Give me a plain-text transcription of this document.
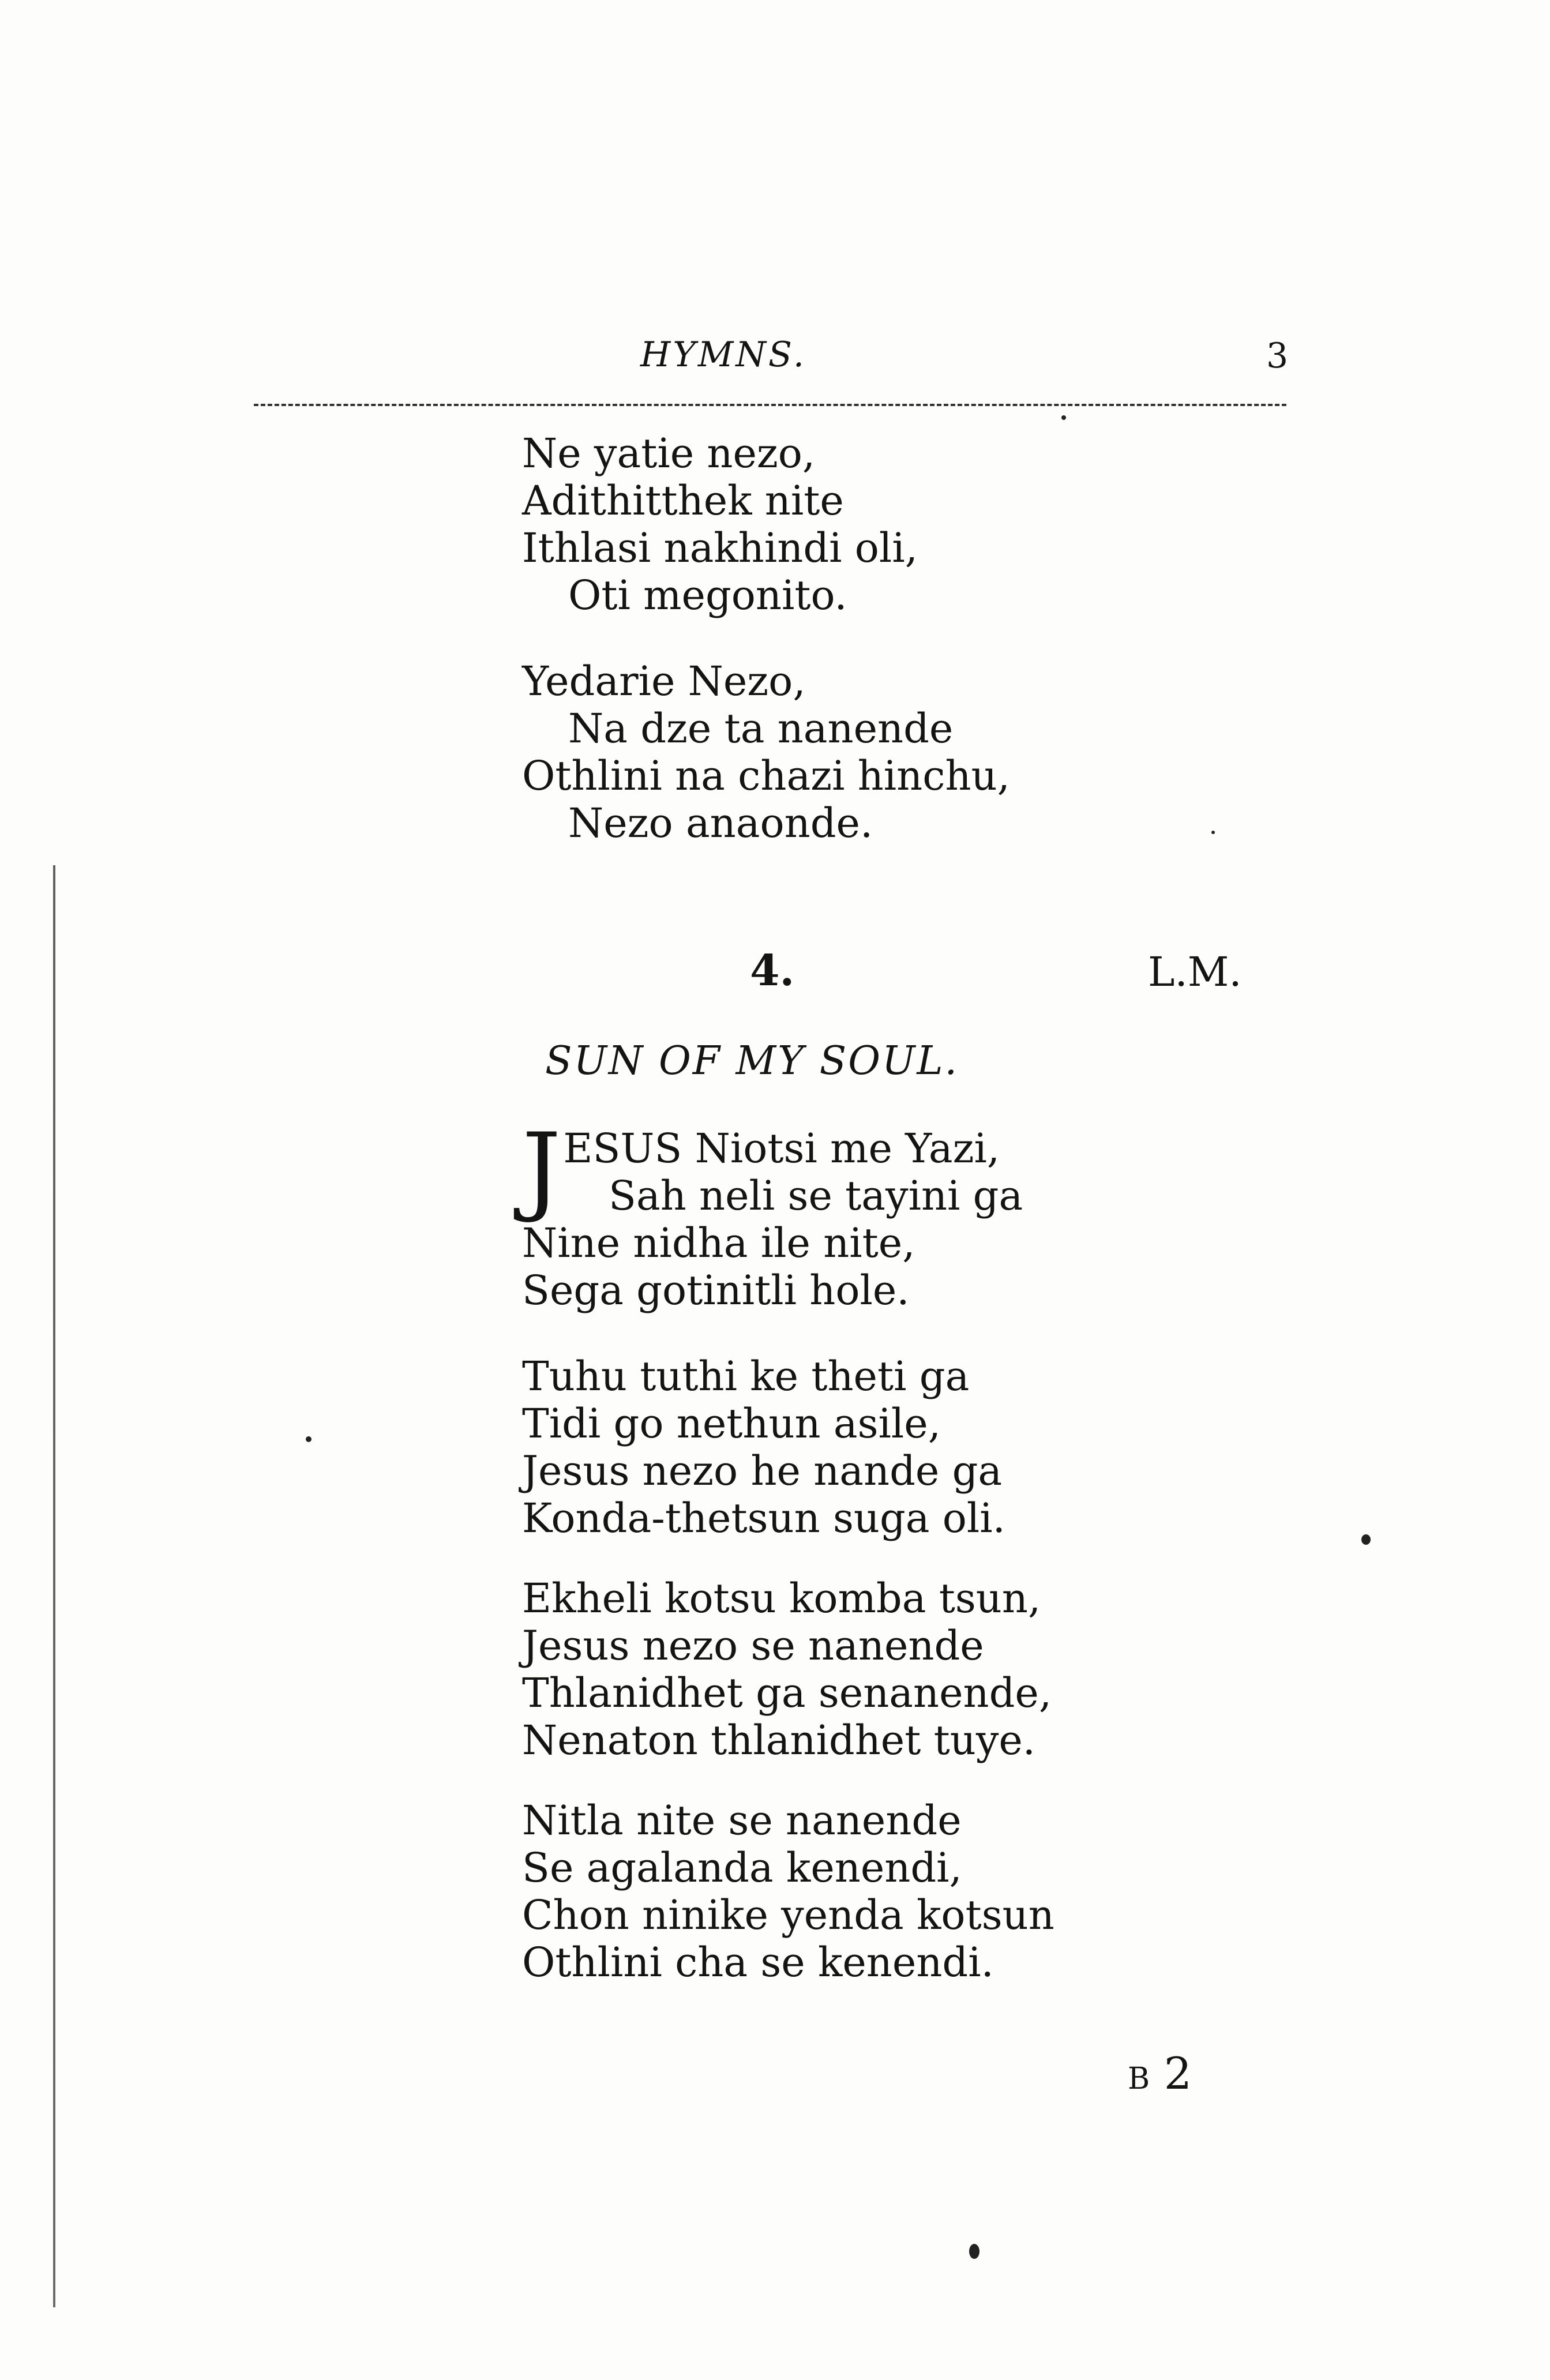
HYMNS.	3
Ne yatie nezo,
Adithitthek nite
Ithlasi nakhindi oli,
Oti megonito.
Yedarie Nezo,
Na dze ta nanende
Othlini na chazi hinchu,
Nezo anaonde.
4.	L.M.
SUN OF MY SOUL.
J ESUS Niotsi me Yazi,
Sah neli se tayini ga
Nine nidha ile nite,
Sega gotinitli hole.
Tuhu tuthi ke theti ga
Tidi go nethun asile,
Jesus nezo he nande ga
Konda-thetsun suga oli.
Ekheli kotsu komba tsun,
Jesus nezo se nanende
Thlanidhet ga senanende,
Nenaton thlanidhet tuye.
Nitla nite se nanende
Se agalanda kenendi,
Chon ninike yenda kotsun
Othlini cha se kenendi.
B 2
